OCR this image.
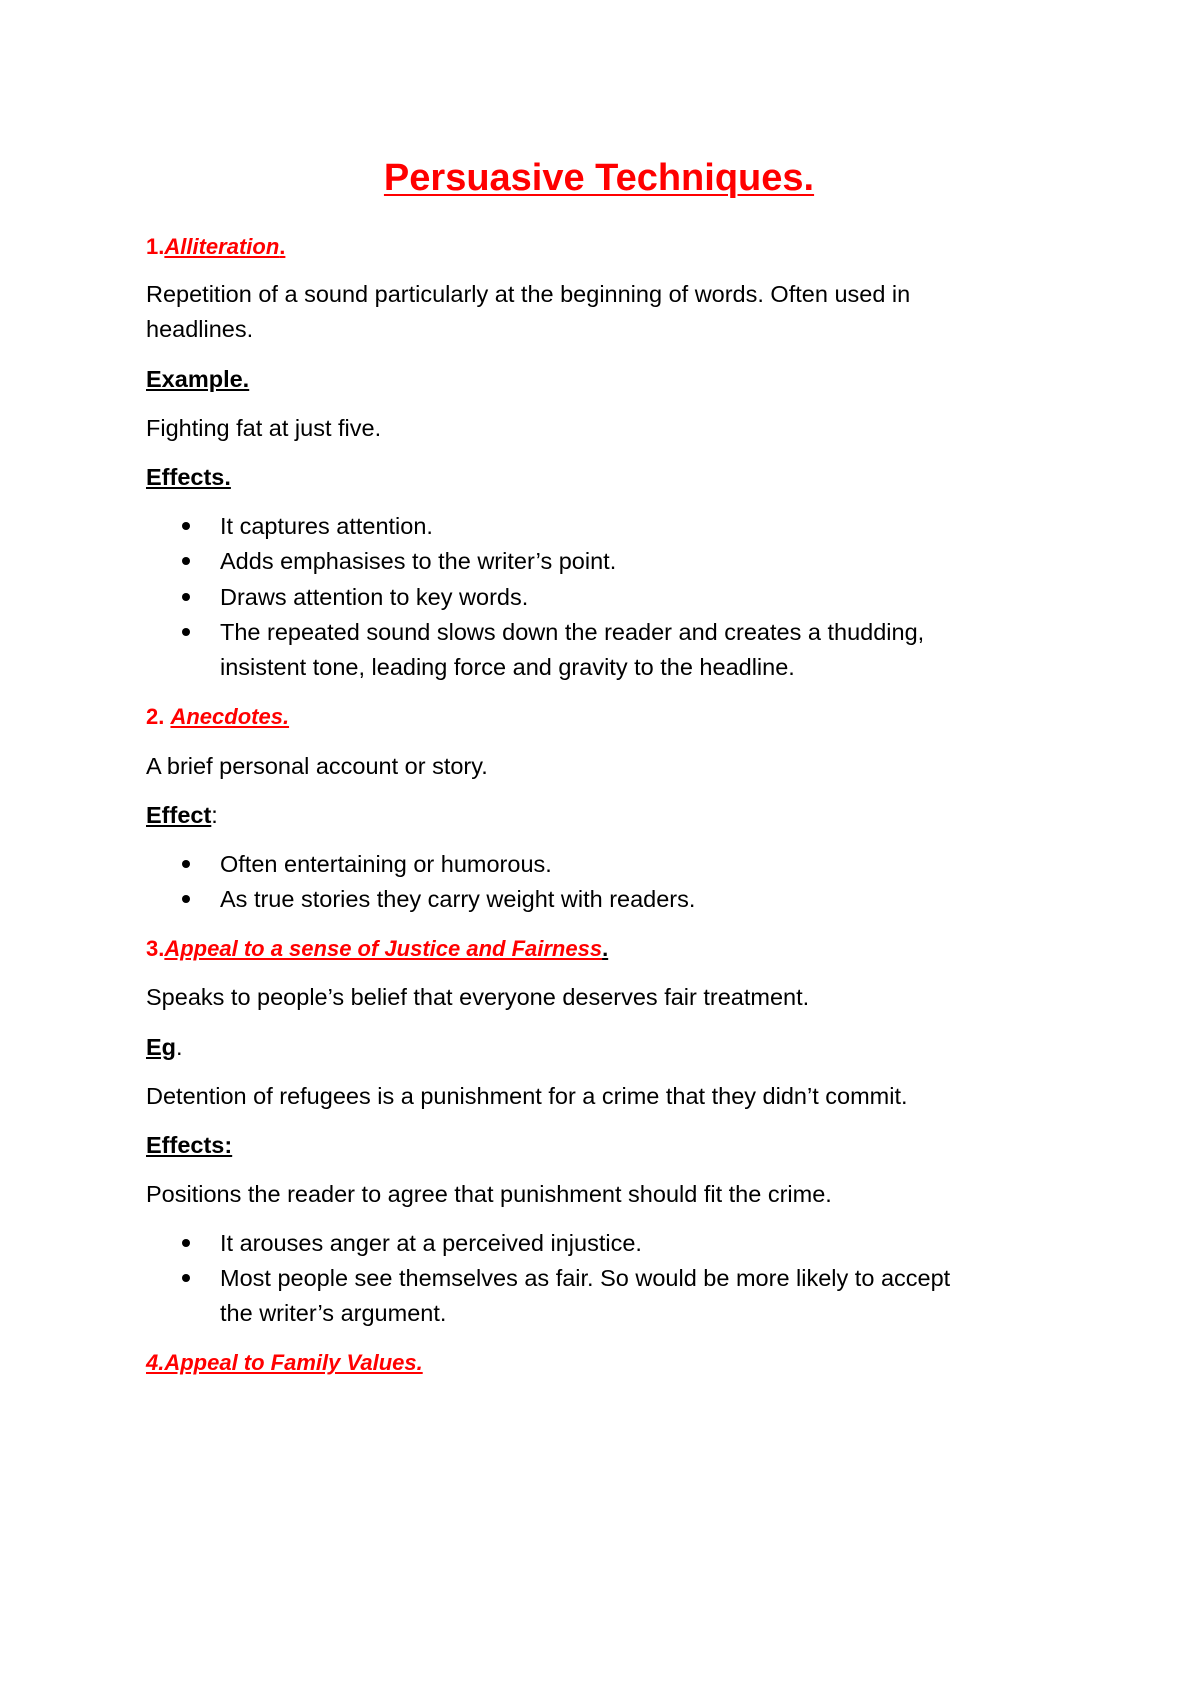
Persuasive Techniques.
1.Alliteration.
Repetition of a sound particularly at the beginning of words. Often used in
headlines.
Example.
Fighting fat at just five.
Effects.
It captures attention.
Adds emphasises to the writer’s point.
Draws attention to key words.
The repeated sound slows down the reader and creates a thudding,
insistent tone, leading force and gravity to the headline.
2. Anecdotes.
A brief personal account or story.
Effect:
Often entertaining or humorous.
As true stories they carry weight with readers.
3.Appeal to a sense of Justice and Fairness.
Speaks to people’s belief that everyone deserves fair treatment.
Eg.
Detention of refugees is a punishment for a crime that they didn’t commit.
Effects:
Positions the reader to agree that punishment should fit the crime.
It arouses anger at a perceived injustice.
Most people see themselves as fair. So would be more likely to accept
the writer’s argument.
4.Appeal to Family Values.
